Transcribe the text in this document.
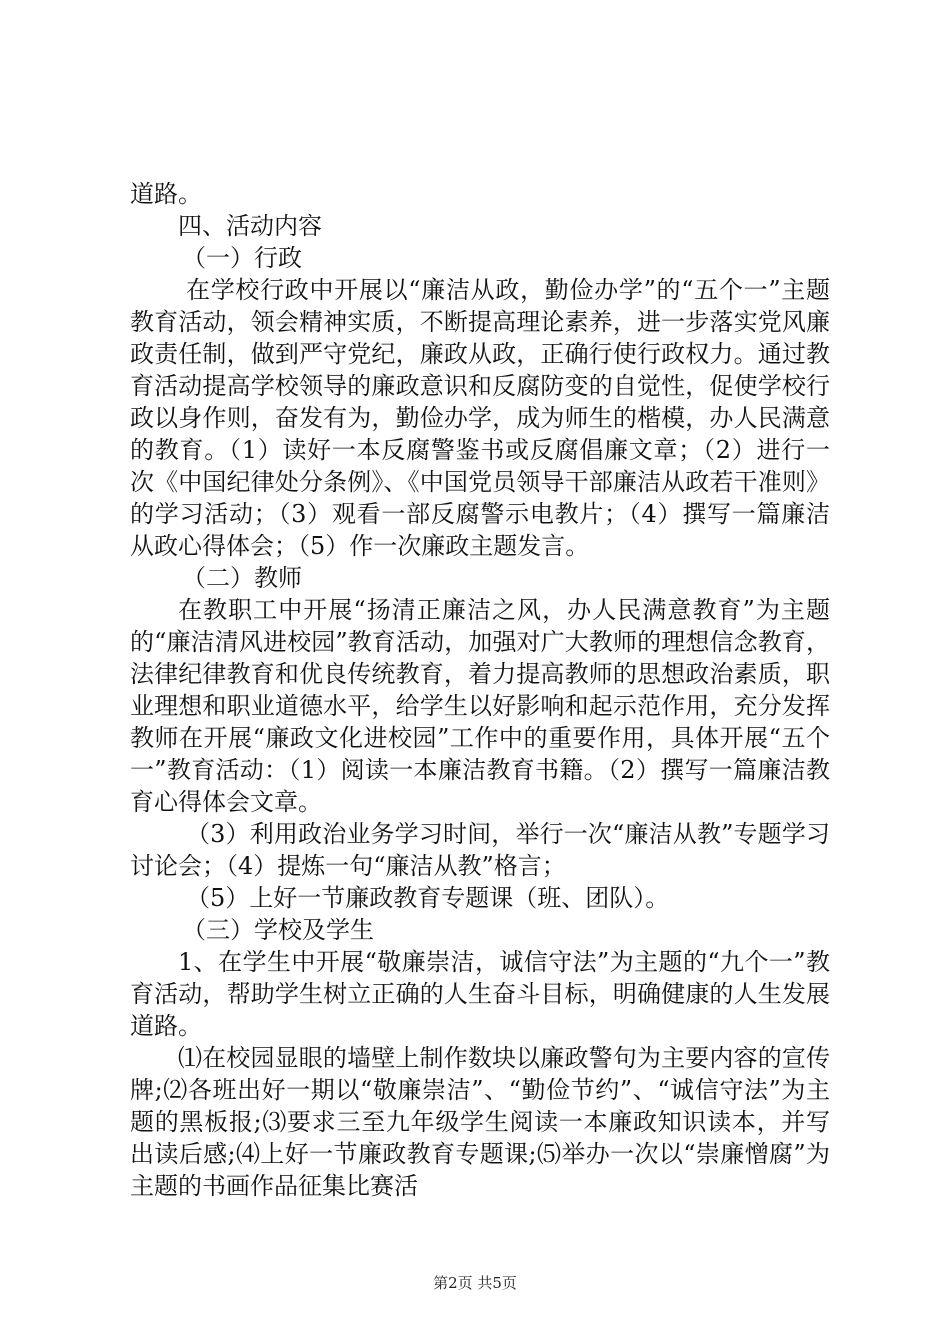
道路。

四、活动内容

（一）行政

在学校行政中开展以“廉洁从政，勤俭办学”的“五个一”主题教育活动，领会精神实质，不断提高理论素养，进一步落实党风廉政责任制，做到严守党纪，廉政从政，正确行使行政权力。通过教育活动提高学校领导的廉政意识和反腐防变的自觉性，促使学校行政以身作则，奋发有为，勤俭办学，成为师生的楷模，办人民满意的教育。（1）读好一本反腐警鉴书或反腐倡廉文章；（2）进行一次《中国纪律处分条例》、《中国党员领导干部廉洁从政若干准则》的学习活动；（3）观看一部反腐警示电教片；（4）撰写一篇廉洁从政心得体会；（5）作一次廉政主题发言。

（二）教师

在教职工中开展“扬清正廉洁之风，办人民满意教育”为主题的“廉洁清风进校园”教育活动，加强对广大教师的理想信念教育，法律纪律教育和优良传统教育，着力提高教师的思想政治素质，职业理想和职业道德水平，给学生以好影响和起示范作用，充分发挥教师在开展“廉政文化进校园”工作中的重要作用，具体开展“五个一”教育活动：（1）阅读一本廉洁教育书籍。（2）撰写一篇廉洁教育心得体会文章。

（3）利用政治业务学习时间，举行一次“廉洁从教”专题学习讨论会；（4）提炼一句“廉洁从教”格言；

（5）上好一节廉政教育专题课（班、团队）。

（三）学校及学生

1、在学生中开展“敬廉崇洁，诚信守法”为主题的“九个一”教育活动，帮助学生树立正确的人生奋斗目标，明确健康的人生发展道路。

⑴在校园显眼的墙壁上制作数块以廉政警句为主要内容的宣传牌;⑵各班出好一期以“敬廉崇洁”、“勤俭节约”、“诚信守法”为主题的黑板报;⑶要求三至九年级学生阅读一本廉政知识读本，并写出读后感;⑷上好一节廉政教育专题课;⑸举办一次以“崇廉憎腐”为主题的书画作品征集比赛活

第2页 共5页
